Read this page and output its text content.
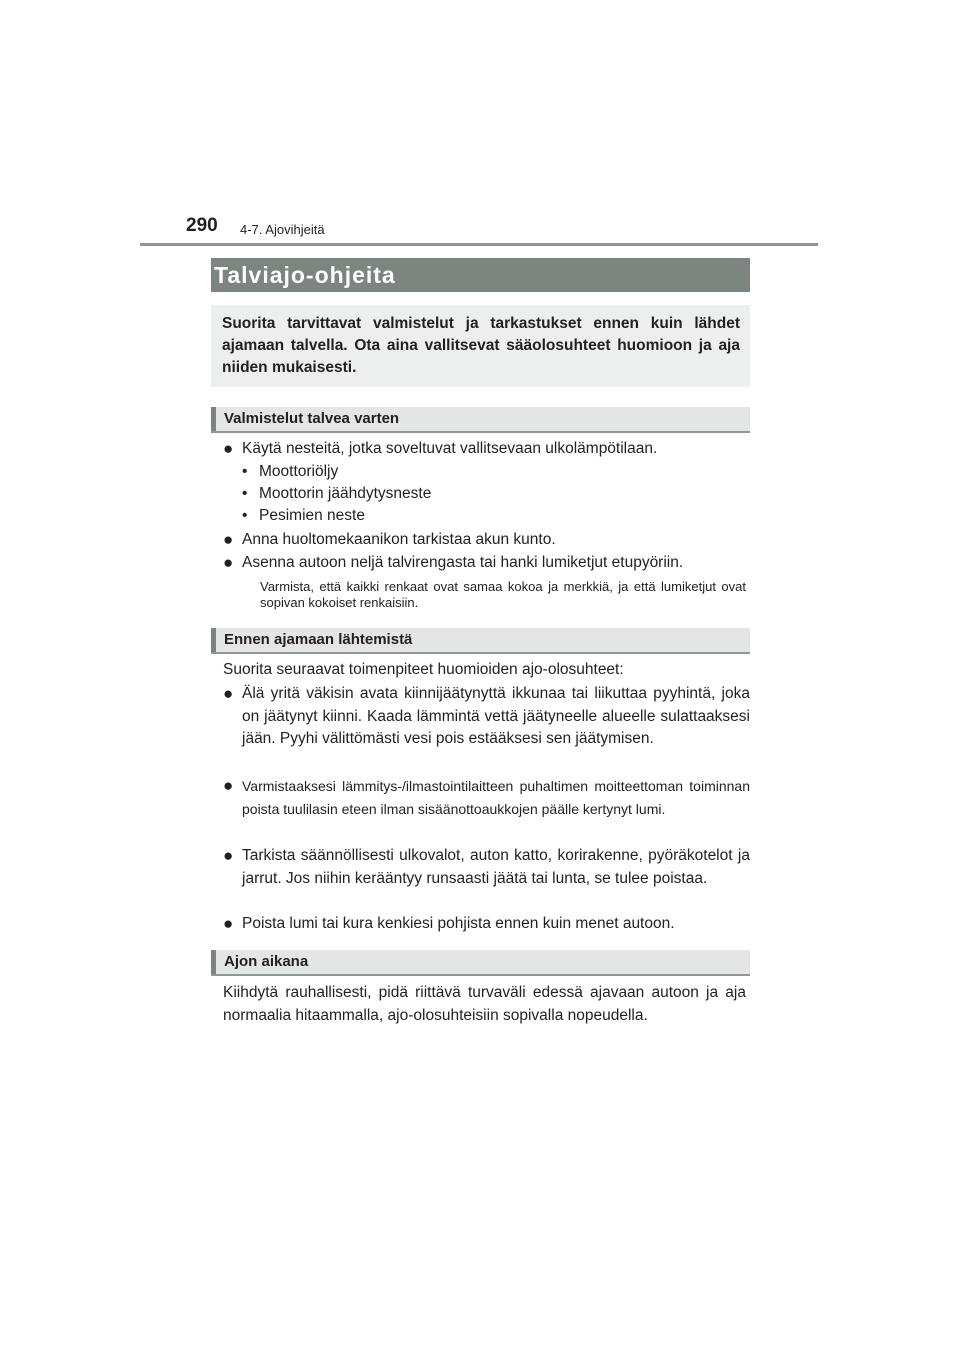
290 4-7. Ajovihjeitä
Talviajo-ohjeita

Suorita tarvittavat valmistelut ja tarkastukset ennen kuin lähdet ajamaan talvella. Ota aina vallitsevat sääolosuhteet huomioon ja aja niiden mukaisesti.

Valmistelut talvea varten
● Käytä nesteitä, jotka soveltuvat vallitsevaan ulkolämpötilaan.
• Moottoriöljy
• Moottorin jäähdytysneste
• Pesimien neste
● Anna huoltomekaanikon tarkistaa akun kunto.
● Asenna autoon neljä talvirengasta tai hanki lumiketjut etupyöriin.
Varmista, että kaikki renkaat ovat samaa kokoa ja merkkiä, ja että lumiketjut ovat sopivan kokoiset renkaisiin.
Ennen ajamaan lähtemistä
Suorita seuraavat toimenpiteet huomioiden ajo-olosuhteet:
● Älä yritä väkisin avata kiinnijäätynyttä ikkunaa tai liikuttaa pyyhintä, joka on jäätynyt kiinni. Kaada lämmintä vettä jäätyneelle alueelle sulattaaksesi jään. Pyyhi välittömästi vesi pois estääksesi sen jäätymisen.
● Varmistaaksesi lämmitys-/ilmastointilaitteen puhaltimen moitteettoman toiminnan poista tuulilasin eteen ilman sisäänottoaukkojen päälle kertynyt lumi.
● Tarkista säännöllisesti ulkovalot, auton katto, korirakenne, pyöräkotelot ja jarrut. Jos niihin kerääntyy runsaasti jäätä tai lunta, se tulee poistaa.
● Poista lumi tai kura kenkiesi pohjista ennen kuin menet autoon.
Ajon aikana
Kiihdytä rauhallisesti, pidä riittävä turvaväli edessä ajavaan autoon ja aja normaalia hitaammalla, ajo-olosuhteisiin sopivalla nopeudella.
